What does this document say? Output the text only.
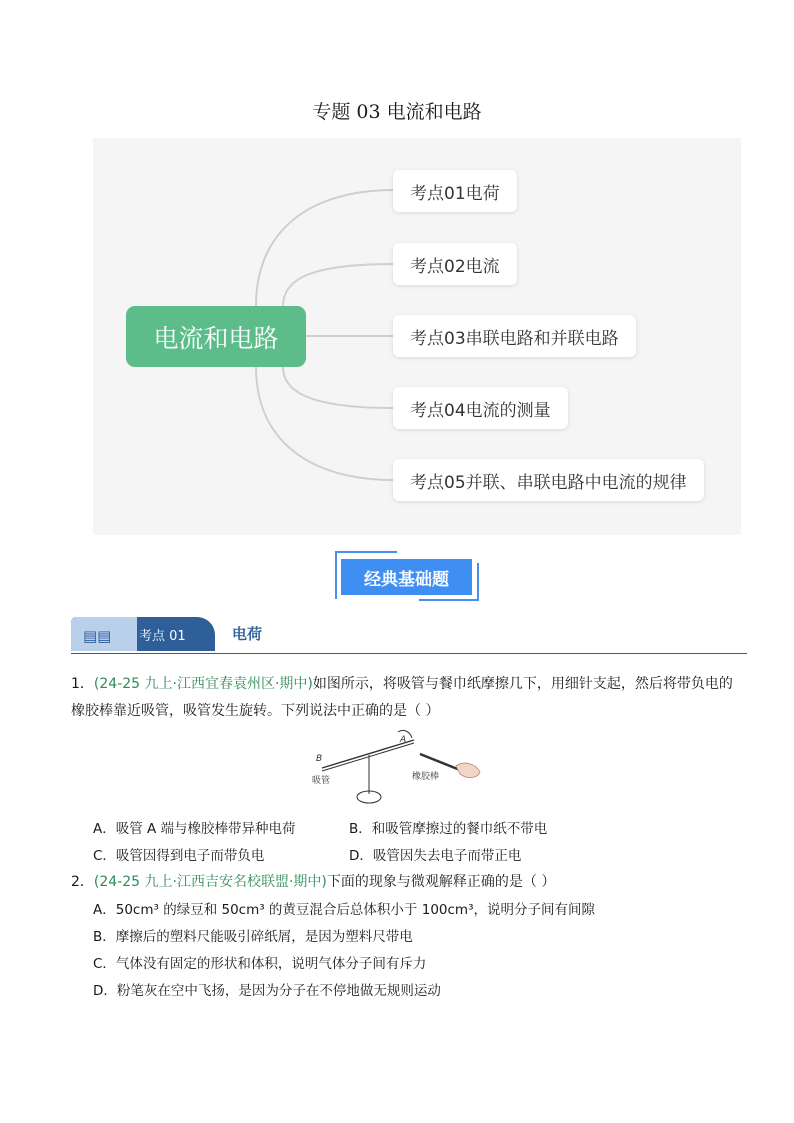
专题 03 电流和电路
电流和电路
考点01电荷
考点02电流
考点03串联电路和并联电路
考点04电流的测量
考点05并联、串联电路中电流的规律
经典基础题
▤▤ 考点 01	电荷
1．(24-25 九上·江西宜春袁州区·期中)如图所示，将吸管与餐巾纸摩擦几下，用细针支起，然后将带负电的
橡胶棒靠近吸管，吸管发生旋转。下列说法中正确的是（ ）
B
A
吸管	橡胶棒
A．吸管 A 端与橡胶棒带异种电荷	B．和吸管摩擦过的餐巾纸不带电
C．吸管因得到电子而带负电	D．吸管因失去电子而带正电
2．(24-25 九上·江西吉安名校联盟·期中)下面的现象与微观解释正确的是（ ）
A．50cm³ 的绿豆和 50cm³ 的黄豆混合后总体积小于 100cm³，说明分子间有间隙
B．摩擦后的塑料尺能吸引碎纸屑，是因为塑料尺带电
C．气体没有固定的形状和体积，说明气体分子间有斥力
D．粉笔灰在空中飞扬，是因为分子在不停地做无规则运动
